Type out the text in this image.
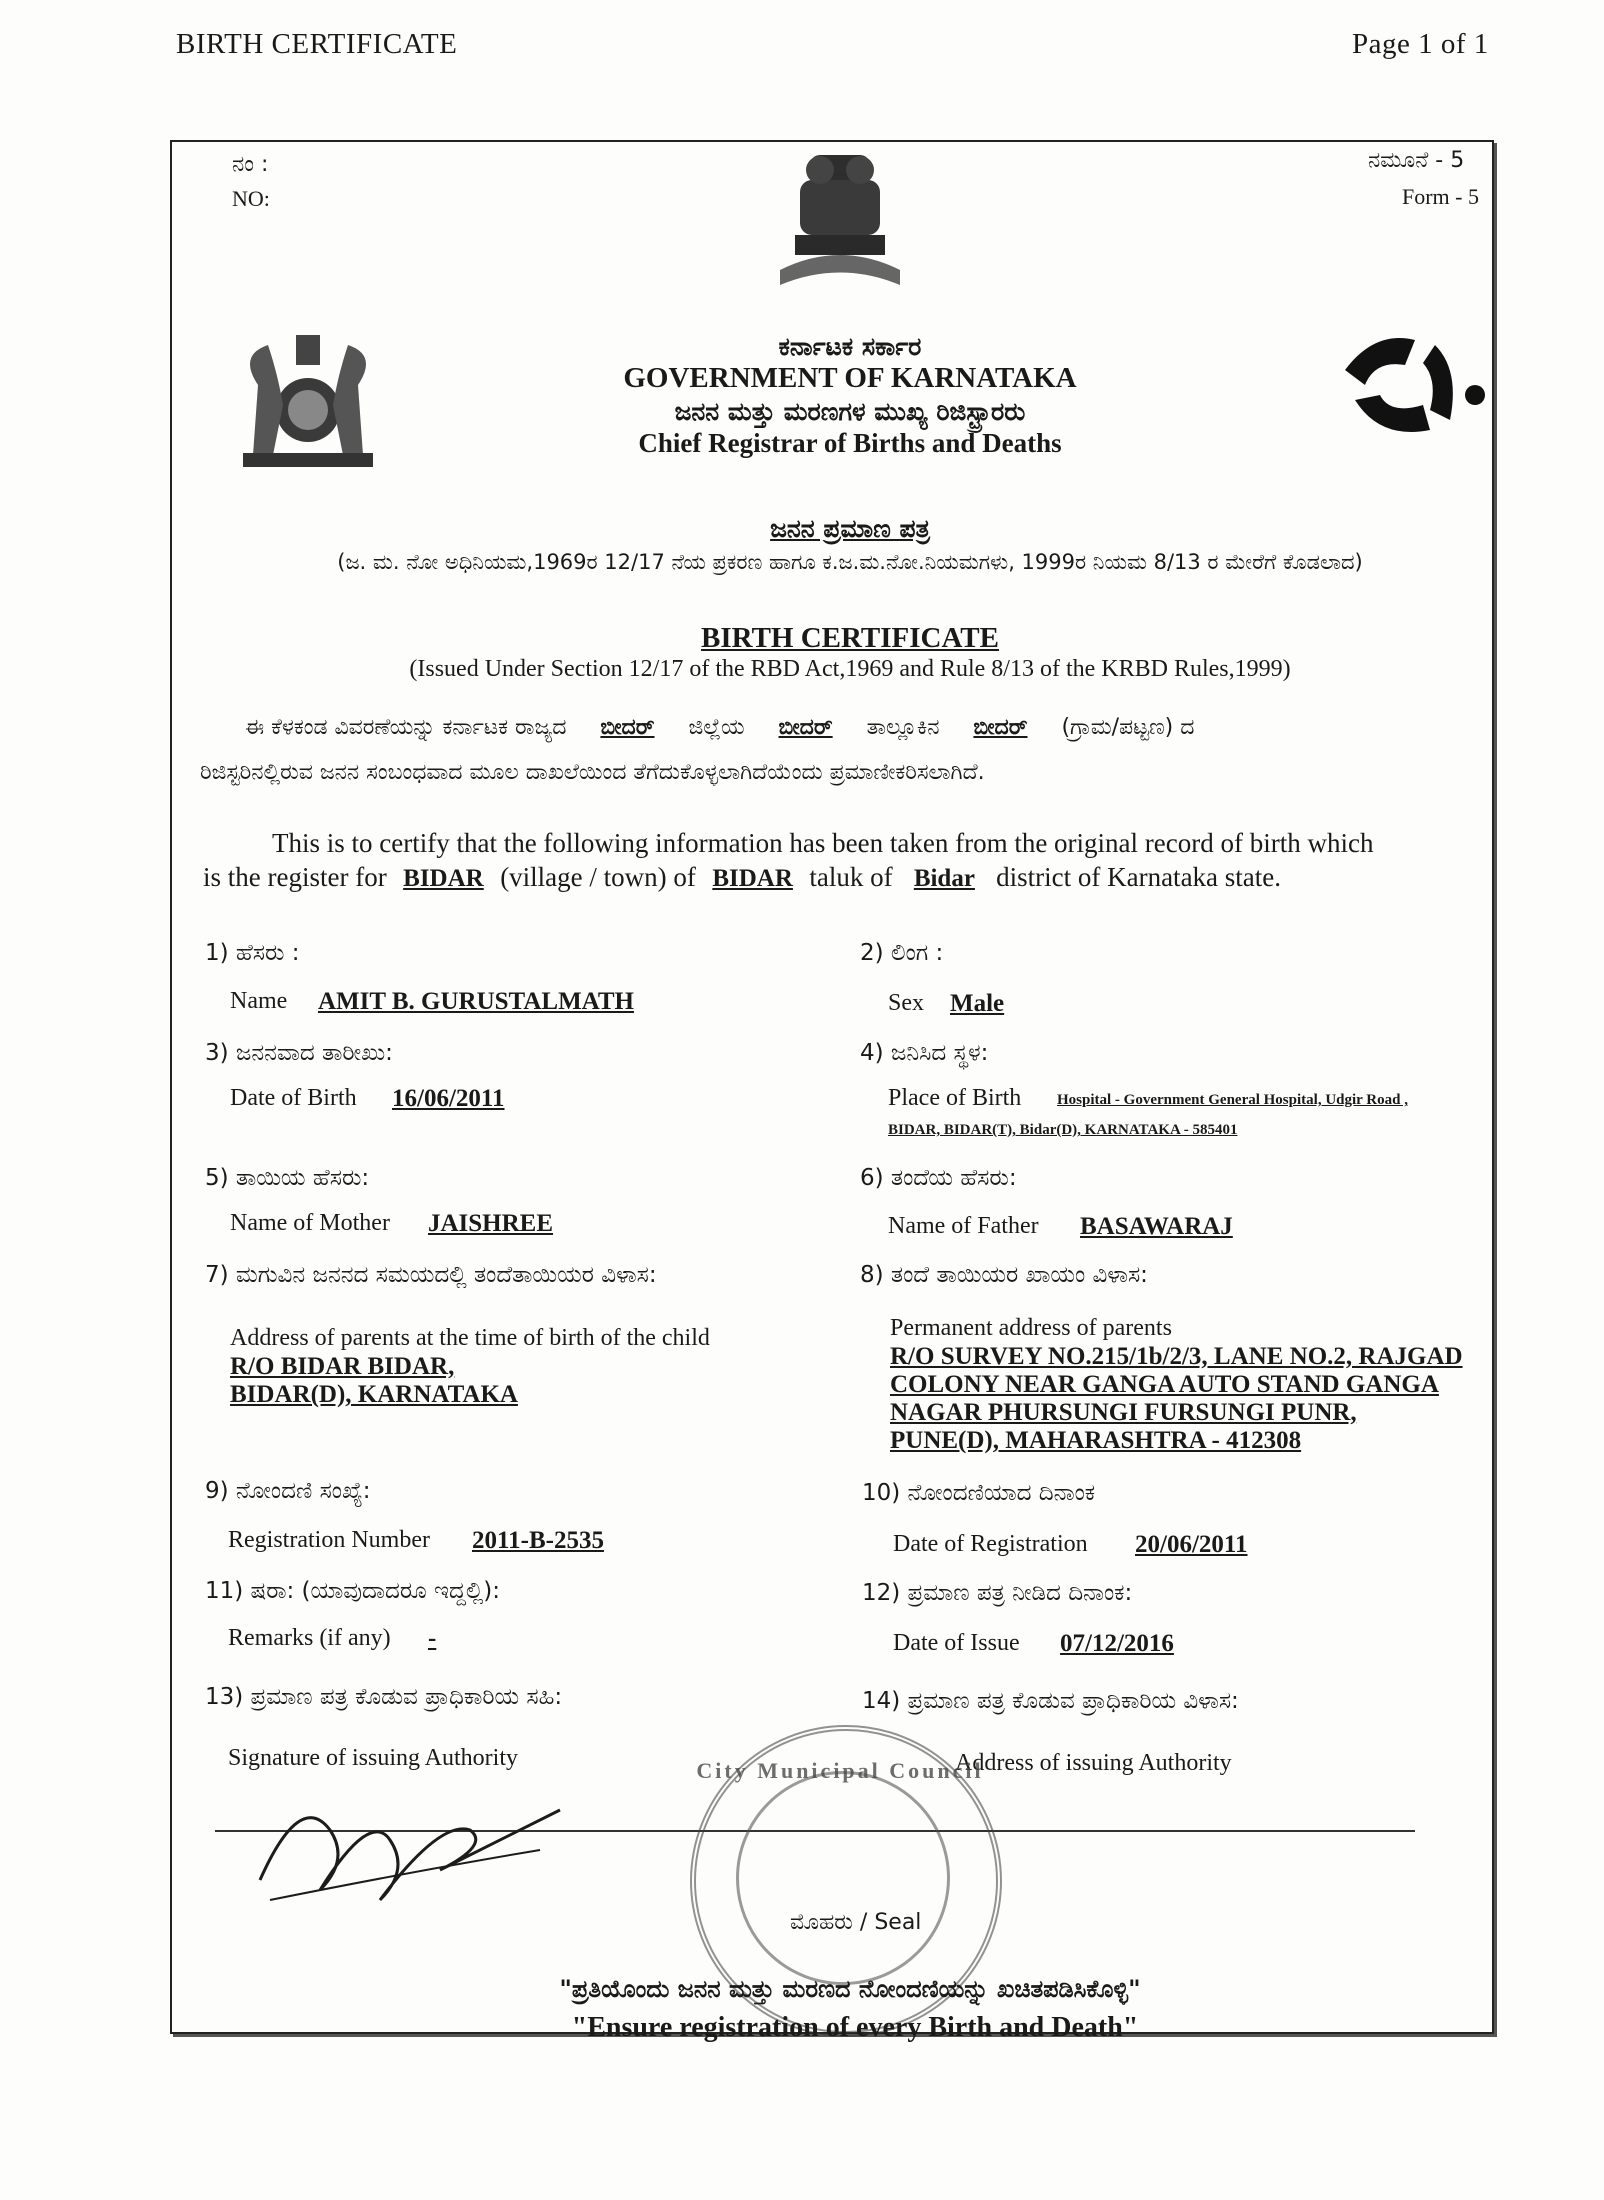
BIRTH CERTIFICATE	Page 1 of 1
ನಂ :
NO:
ನಮೂನೆ - 5
Form - 5
ಕರ್ನಾಟಕ ಸರ್ಕಾರ
GOVERNMENT OF KARNATAKA
ಜನನ ಮತ್ತು ಮರಣಗಳ ಮುಖ್ಯ ರಿಜಿಸ್ಟ್ರಾರರು
Chief Registrar of Births and Deaths
ಜನನ ಪ್ರಮಾಣ ಪತ್ರ
(ಜ. ಮ. ನೋ ಅಧಿನಿಯಮ,1969ರ 12/17 ನೆಯ ಪ್ರಕರಣ ಹಾಗೂ ಕ.ಜ.ಮ.ನೋ.ನಿಯಮಗಳು, 1999ರ ನಿಯಮ 8/13 ರ ಮೇರೆಗೆ ಕೊಡಲಾದ)
BIRTH CERTIFICATE
(Issued Under Section 12/17 of the RBD Act,1969 and Rule 8/13 of the KRBD Rules,1999)
ಈ ಕೆಳಕಂಡ ವಿವರಣೆಯನ್ನು ಕರ್ನಾಟಕ ರಾಜ್ಯದ ಬೀದರ್ ಜಿಲ್ಲೆಯ ಬೀದರ್ ತಾಲ್ಲೂಕಿನ ಬೀದರ್ (ಗ್ರಾಮ/ಪಟ್ಟಣ) ದ
ರಿಜಿಸ್ಟರಿನಲ್ಲಿರುವ ಜನನ ಸಂಬಂಧವಾದ ಮೂಲ ದಾಖಲೆಯಿಂದ ತೆಗೆದುಕೊಳ್ಳಲಾಗಿದೆಯೆಂದು ಪ್ರಮಾಣೀಕರಿಸಲಾಗಿದೆ.
This is to certify that the following information has been taken from the original record of birth which
is the register for BIDAR (village / town) of BIDAR taluk of Bidar district of Karnataka state.
1) ಹೆಸರು :	2) ಲಿಂಗ :
Name AMIT B. GURUSTALMATH	Sex Male
3) ಜನನವಾದ ತಾರೀಖು:	4) ಜನಿಸಿದ ಸ್ಥಳ:
Date of Birth 16/06/2011	Place of Birth Hospital - Government General Hospital, Udgir Road ,
BIDAR, BIDAR(T), Bidar(D), KARNATAKA - 585401
5) ತಾಯಿಯ ಹೆಸರು:	6) ತಂದೆಯ ಹೆಸರು:
Name of Mother JAISHREE	Name of Father BASAWARAJ
7) ಮಗುವಿನ ಜನನದ ಸಮಯದಲ್ಲಿ ತಂದೆತಾಯಿಯರ ವಿಳಾಸ:	8) ತಂದೆ ತಾಯಿಯರ ಖಾಯಂ ವಿಳಾಸ:
Address of parents at the time of birth of the child
R/O BIDAR BIDAR,
BIDAR(D), KARNATAKA
Permanent address of parents
R/O SURVEY NO.215/1b/2/3, LANE NO.2, RAJGAD
COLONY NEAR GANGA AUTO STAND GANGA
NAGAR PHURSUNGI FURSUNGI PUNR,
PUNE(D), MAHARASHTRA - 412308
9) ನೋಂದಣಿ ಸಂಖ್ಯೆ:	10) ನೋಂದಣಿಯಾದ ದಿನಾಂಕ
Registration Number 2011-B-2535	Date of Registration 20/06/2011
11) ಷರಾ: (ಯಾವುದಾದರೂ ಇದ್ದಲ್ಲಿ):	12) ಪ್ರಮಾಣ ಪತ್ರ ನೀಡಿದ ದಿನಾಂಕ:
Remarks (if any) -	Date of Issue 07/12/2016
13) ಪ್ರಮಾಣ ಪತ್ರ ಕೊಡುವ ಪ್ರಾಧಿಕಾರಿಯ ಸಹಿ:	14) ಪ್ರಮಾಣ ಪತ್ರ ಕೊಡುವ ಪ್ರಾಧಿಕಾರಿಯ ವಿಳಾಸ:
Signature of issuing Authority	Address of issuing Authority
City Municipal Council
ಮೊಹರು / Seal
"ಪ್ರತಿಯೊಂದು ಜನನ ಮತ್ತು ಮರಣದ ನೋಂದಣಿಯನ್ನು ಖಚಿತಪಡಿಸಿಕೊಳ್ಳಿ"
"Ensure registration of every Birth and Death"
